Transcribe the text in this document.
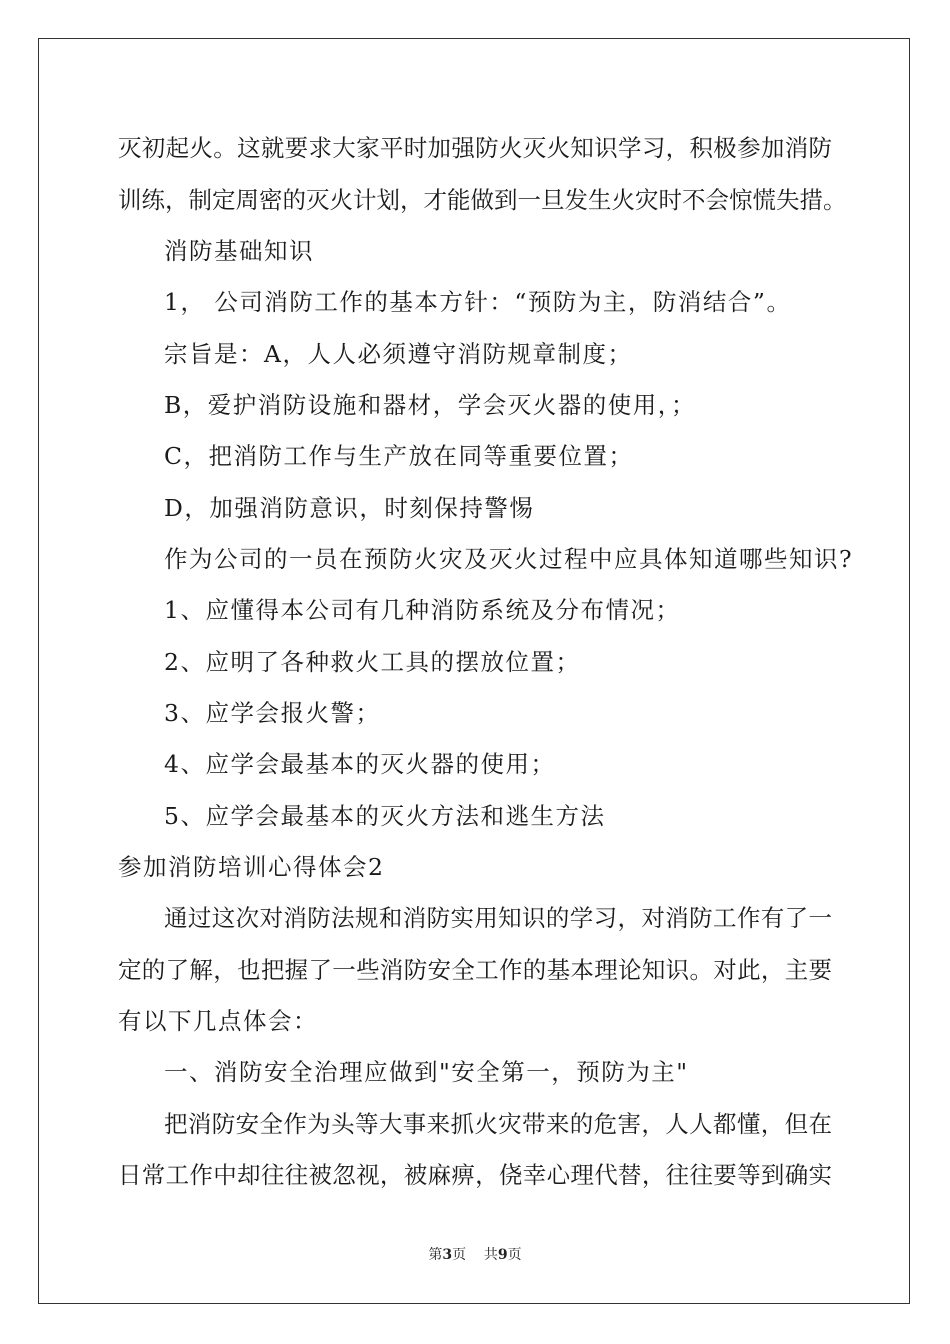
灭初起火。这就要求大家平时加强防火灭火知识学习，积极参加消防
训练，制定周密的灭火计划，才能做到一旦发生火灾时不会惊慌失措。
消防基础知识
1， 公司消防工作的基本方针：“预防为主，防消结合”。
宗旨是：A，人人必须遵守消防规章制度；
B，爱护消防设施和器材，学会灭火器的使用，；
C，把消防工作与生产放在同等重要位置；
D，加强消防意识，时刻保持警惕
作为公司的一员在预防火灾及灭火过程中应具体知道哪些知识?
1、应懂得本公司有几种消防系统及分布情况；
2、应明了各种救火工具的摆放位置；
3、应学会报火警；
4、应学会最基本的灭火器的使用；
5、应学会最基本的灭火方法和逃生方法
参加消防培训心得体会2
通过这次对消防法规和消防实用知识的学习，对消防工作有了一
定的了解，也把握了一些消防安全工作的基本理论知识。对此，主要
有以下几点体会：
一、消防安全治理应做到"安全第一，预防为主"
把消防安全作为头等大事来抓火灾带来的危害，人人都懂，但在
日常工作中却往往被忽视，被麻痹，侥幸心理代替，往往要等到确实
第3页    共9页
